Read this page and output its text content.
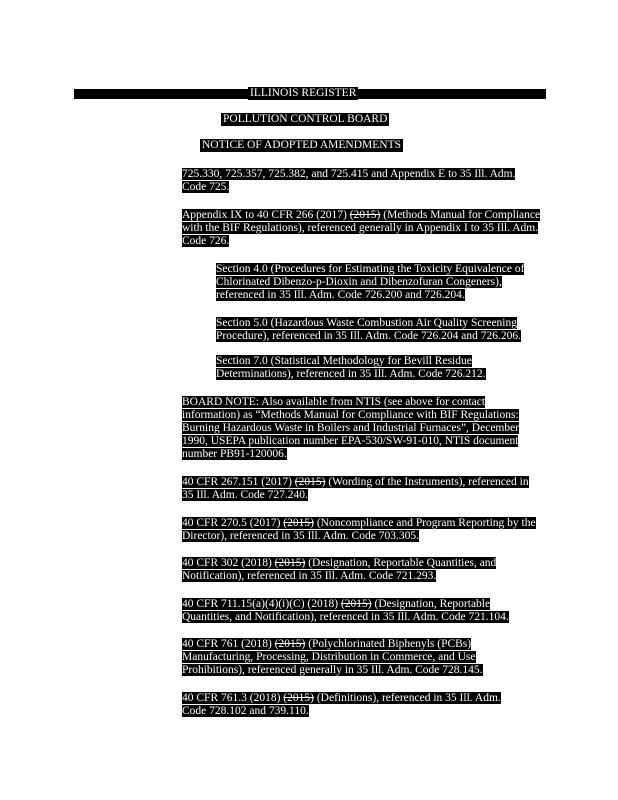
ILLINOIS REGISTER
POLLUTION CONTROL BOARD
NOTICE OF ADOPTED AMENDMENTS

725.330, 725.357, 725.382, and 725.415 and Appendix E to 35 Ill. Adm. Code 725.

Appendix IX to 40 CFR 266 (2017) (2015) (Methods Manual for Compliance with the BIF Regulations), referenced generally in Appendix I to 35 Ill. Adm. Code 726.

Section 4.0 (Procedures for Estimating the Toxicity Equivalence of Chlorinated Dibenzo-p-Dioxin and Dibenzofuran Congeners), referenced in 35 Ill. Adm. Code 726.200 and 726.204.

Section 5.0 (Hazardous Waste Combustion Air Quality Screening Procedure), referenced in 35 Ill. Adm. Code 726.204 and 726.206.

Section 7.0 (Statistical Methodology for Bevill Residue Determinations), referenced in 35 Ill. Adm. Code 726.212.

BOARD NOTE: Also available from NTIS (see above for contact information) as “Methods Manual for Compliance with BIF Regulations: Burning Hazardous Waste in Boilers and Industrial Furnaces”, December 1990, USEPA publication number EPA-530/SW-91-010, NTIS document number PB91-120006.

40 CFR 267.151 (2017) (2015) (Wording of the Instruments), referenced in 35 Ill. Adm. Code 727.240.

40 CFR 270.5 (2017) (2015) (Noncompliance and Program Reporting by the Director), referenced in 35 Ill. Adm. Code 703.305.

40 CFR 302 (2018) (2015) (Designation, Reportable Quantities, and Notification), referenced in 35 Ill. Adm. Code 721.293.

40 CFR 711.15(a)(4)(i)(C) (2018) (2015) (Designation, Reportable Quantities, and Notification), referenced in 35 Ill. Adm. Code 721.104.

40 CFR 761 (2018) (2015) (Polychlorinated Biphenyls (PCBs) Manufacturing, Processing, Distribution in Commerce, and Use Prohibitions), referenced generally in 35 Ill. Adm. Code 728.145.

40 CFR 761.3 (2018) (2015) (Definitions), referenced in 35 Ill. Adm. Code 728.102 and 739.110.
